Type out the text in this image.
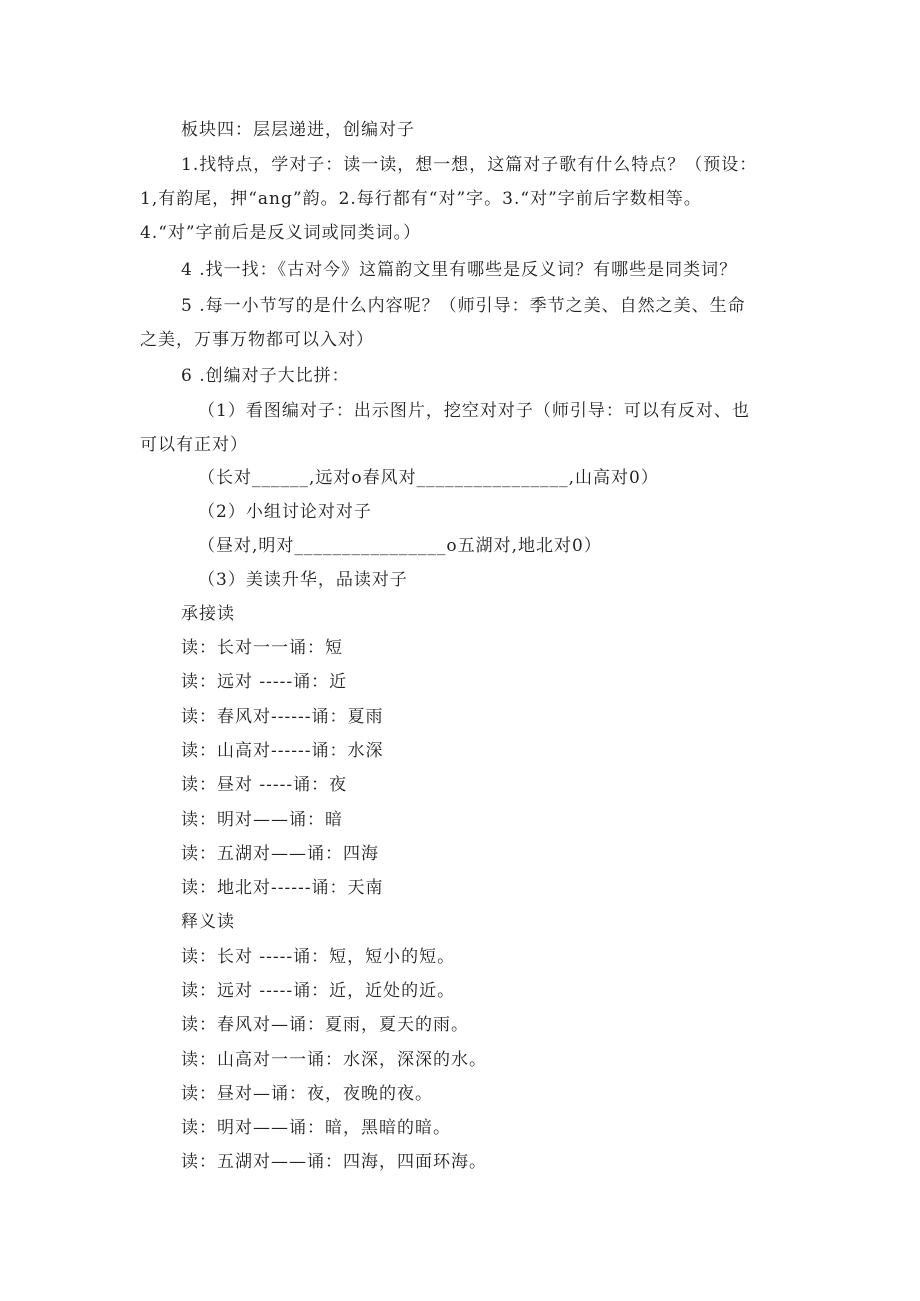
板块四：层层递进，创编对子
1.找特点，学对子：读一读，想一想，这篇对子歌有什么特点？（预设：
1,有韵尾，押“ang”韵。2.每行都有“对”字。3.“对”字前后字数相等。
4.“对”字前后是反义词或同类词。）
4 .找一找：《古对今》这篇韵文里有哪些是反义词？有哪些是同类词？
5 .每一小节写的是什么内容呢？（师引导：季节之美、自然之美、生命
之美，万事万物都可以入对）
6 .创编对子大比拼：
（1）看图编对子：出示图片，挖空对对子（师引导：可以有反对、也
可以有正对）
（长对______,远对o春风对________________,山高对0）
（2）小组讨论对对子
（昼对,明对________________o五湖对,地北对0）
（3）美读升华，品读对子
承接读
读：长对一一诵：短
读：远对 -----诵：近
读：春风对------诵：夏雨
读：山高对------诵：水深
读：昼对 -----诵：夜
读：明对——诵：暗
读：五湖对——诵：四海
读：地北对------诵：天南
释义读
读：长对 -----诵：短，短小的短。
读：远对 -----诵：近，近处的近。
读：春风对—诵：夏雨，夏天的雨。
读：山高对一一诵：水深，深深的水。
读：昼对—诵：夜，夜晚的夜。
读：明对——诵：暗，黑暗的暗。
读：五湖对——诵：四海，四面环海。
